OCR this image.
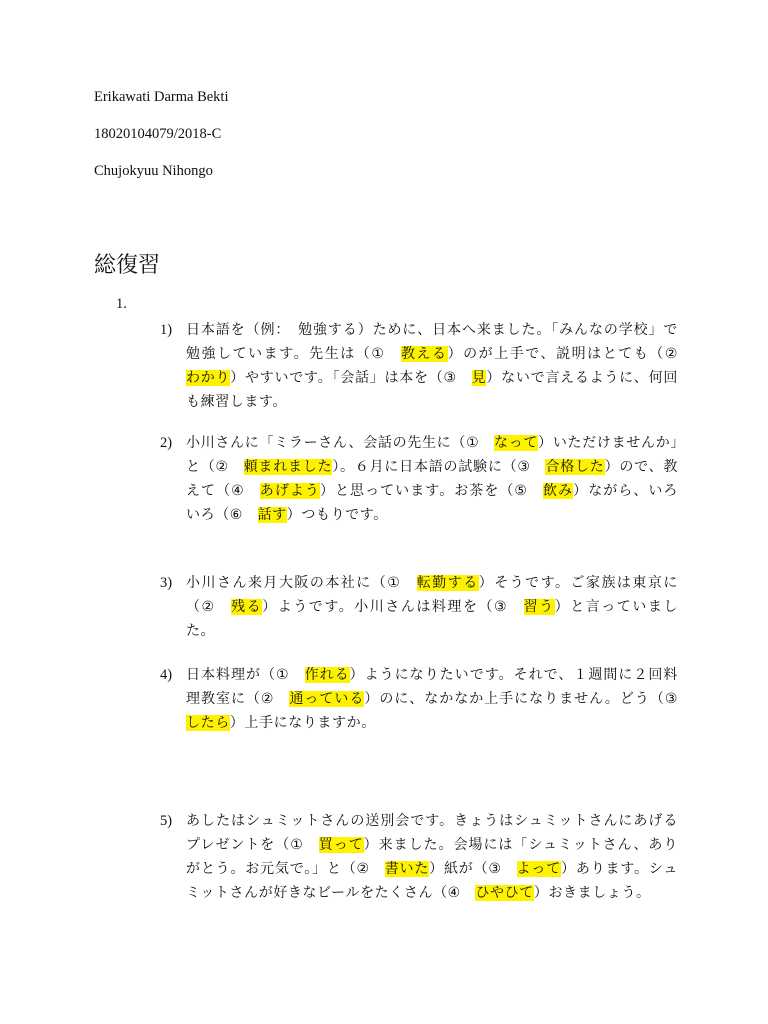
Erikawati Darma Bekti
18020104079/2018-C
Chujokyuu Nihongo
総復習
1.
1) 日本語を（例：　勉強する）ために、日本へ来ました。「みんなの学校」で勉強しています。先生は（①　教える）のが上手で、説明はとても（②　わかり）やすいです。「会話」は本を（③　見）ないで言えるように、何回も練習します。
2) 小川さんに「ミラーさん、会話の先生に（①　なって）いただけませんか」と（②　頼まれました）。６月に日本語の試験に（③　合格した）ので、教えて（④　あげよう）と思っています。お茶を（⑤　飲み）ながら、いろいろ（⑥　話す）つもりです。
3) 小川さん来月大阪の本社に（①　転勤する）そうです。ご家族は東京に（②　残る）ようです。小川さんは料理を（③　習う）と言っていました。
4) 日本料理が（①　作れる）ようになりたいです。それで、１週間に２回料理教室に（②　通っている）のに、なかなか上手になりません。どう（③　したら）上手になりますか。
5) あしたはシュミットさんの送別会です。きょうはシュミットさんにあげるプレゼントを（①　買って）来ました。会場には「シュミットさん、ありがとう。お元気で。」と（②　書いた）紙が（③　よって）あります。シュミットさんが好きなビールをたくさん（④　ひやひて）おきましょう。
